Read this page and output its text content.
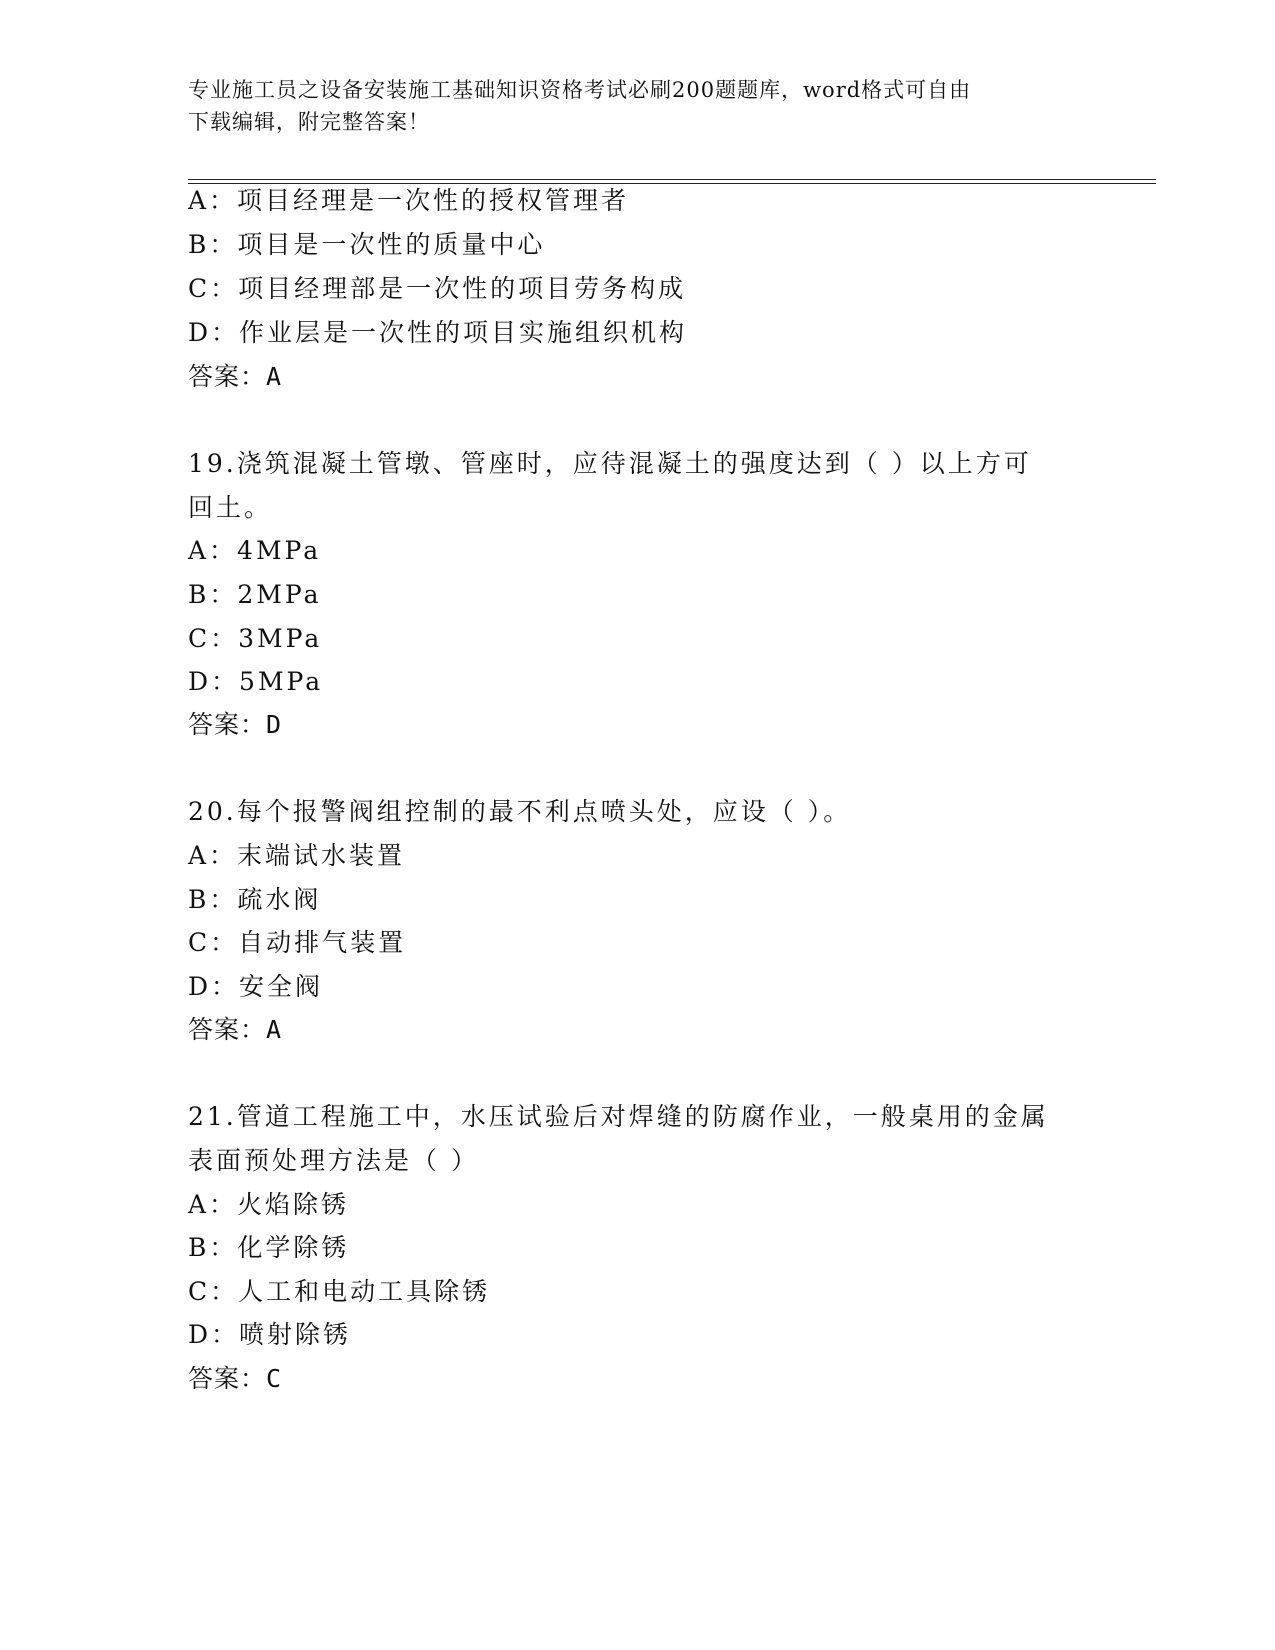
专业施工员之设备安装施工基础知识资格考试必刷200题题库，word格式可自由
下载编辑，附完整答案！
A：项目经理是一次性的授权管理者
B：项目是一次性的质量中心
C：项目经理部是一次性的项目劳务构成
D：作业层是一次性的项目实施组织机构
答案：A
19.浇筑混凝土管墩、管座时，应待混凝土的强度达到（ ）以上方可
回土。
A：4MPa
B：2MPa
C：3MPa
D：5MPa
答案：D
20.每个报警阀组控制的最不利点喷头处，应设（ ）。
A：末端试水装置
B：疏水阀
C：自动排气装置
D：安全阀
答案：A
21.管道工程施工中，水压试验后对焊缝的防腐作业，一般桌用的金属
表面预处理方法是（ ）
A：火焰除锈
B：化学除锈
C：人工和电动工具除锈
D：喷射除锈
答案：C
